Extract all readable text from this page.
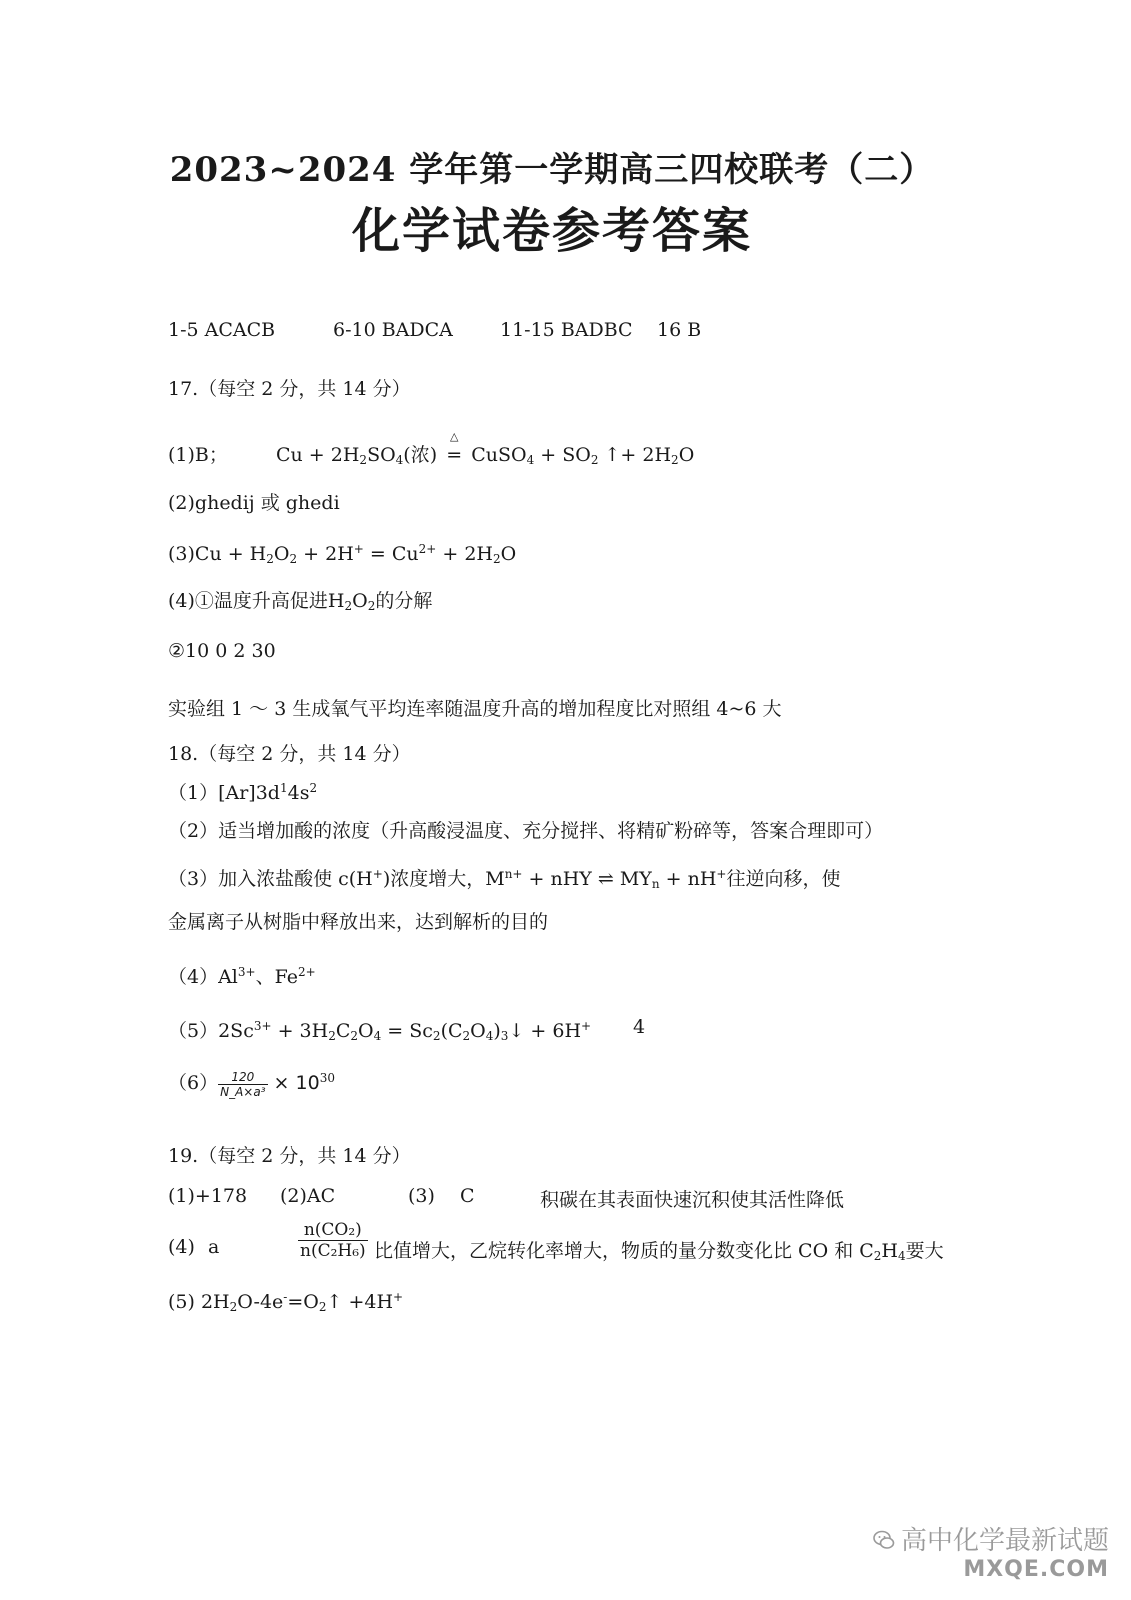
2023~2024 学年第一学期高三四校联考（二）
化学试卷参考答案
1-5 ACACB	6-10 BADCA 11-15 BADBC 16 B
17.（每空 2 分，共 14 分）
(1)B；	$Cu + 2H_2SO_4$(浓)
△
= CuSO$_4$ + $SO_2$ ↑+ $2H_2O$
(2)ghedij 或 ghedi
$(3)Cu + H_2O_2 + 2H^+ = Cu^{2+} + 2H_2O$
(4)①温度升高促进$H_2O_2$的分解
②10 0 2 30
实验组 1 ～ 3 生成氧气平均连率随温度升高的增加程度比对照组 4~6 大
18.（每空 2 分，共 14 分）
$(1)[Ar]3d^14s^2$
（2）适当增加酸的浓度（升高酸浸温度、充分搅拌、将精矿粉碎等，答案合理即可）
（3）加入浓盐酸使 c(H+)浓度增大，$M^{n+}$ + nHY ⇌ $MY_n + nH^+$往逆向移，使
金属离子从树脂中释放出来，达到解析的目的
$(4)Al^{3+}$、$Fe^{2+}$
$(5)2Sc^{3+} + 3H_2C_2O_4$ = $Sc_2(C_2O_4)_3↓ + 6H^+$ 4
$(6) \frac{120}{\text{N\_A×a³}} \times 10^{30}$
19.（每空 2 分，共 14 分）
(1)+178 (2)AC	(3) C	积碳在其表面快速沉积使其活性降低
(4) a	$\frac{\text{n(CO₂)}}{\text{n(C₂H₆)}}$ 比值增大，乙烷转化率增大，物质的量分数变化比 CO 和 $C_2H_4$要大
(5) $2H_2O-4e^-=O_2↑ +4H^+$
高中化学最新试题
MXQE.COM
